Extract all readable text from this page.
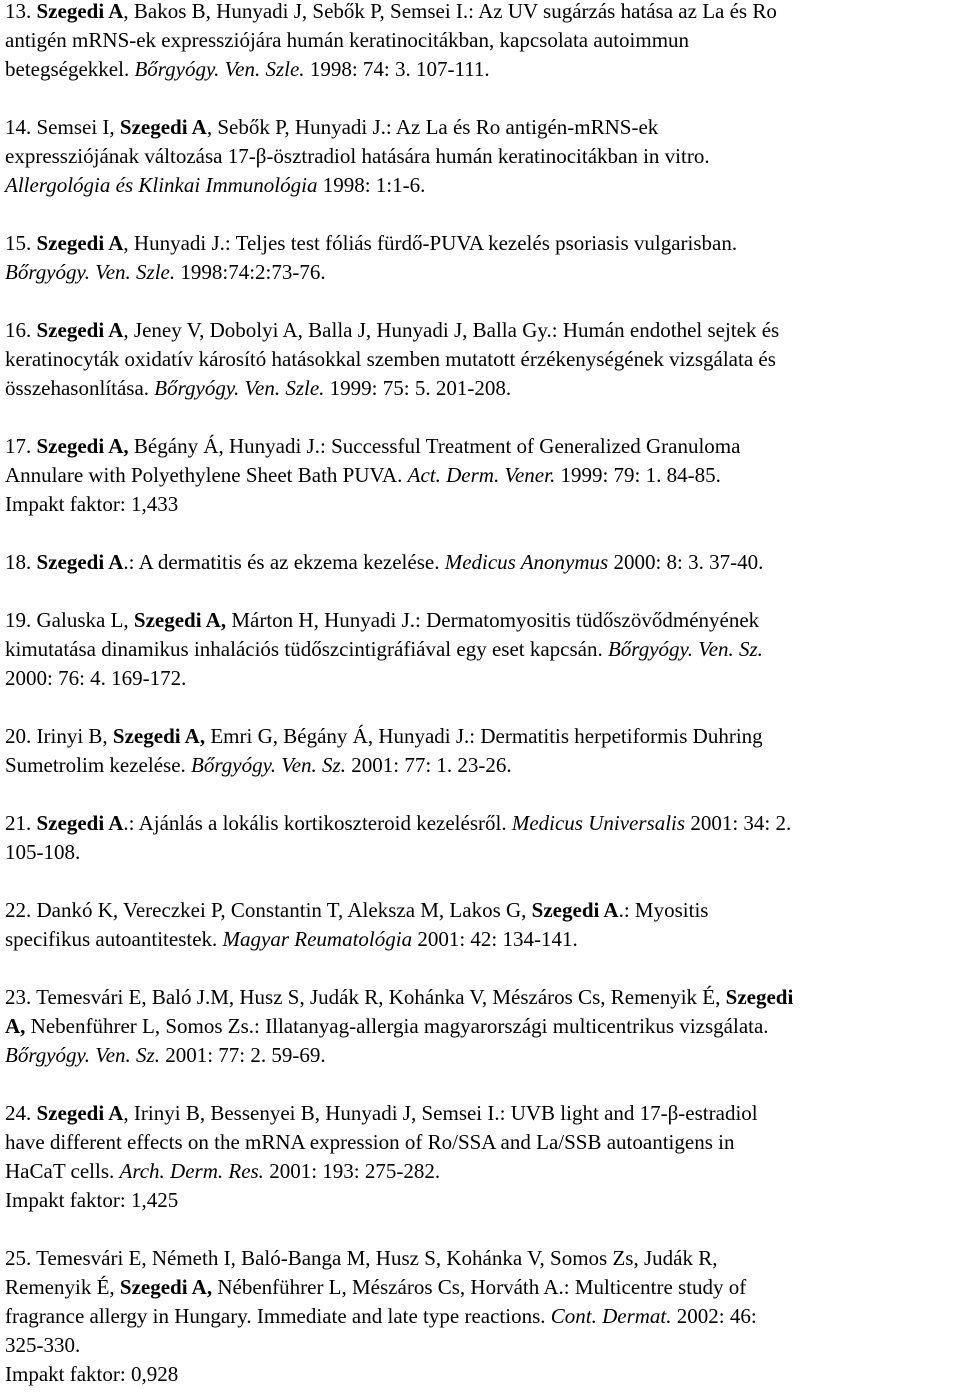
13. Szegedi A, Bakos B, Hunyadi J, Sebők P, Semsei I.: Az UV sugárzás hatása az La és Ro
antigén mRNS-ek expressziójára humán keratinocitákban, kapcsolata autoimmun
betegségekkel. Bőrgyógy. Ven. Szle. 1998: 74: 3. 107-111.
14. Semsei I, Szegedi A, Sebők P, Hunyadi J.: Az La és Ro antigén-mRNS-ek
expressziójának változása 17-β-ösztradiol hatására humán keratinocitákban in vitro.
Allergológia és Klinkai Immunológia 1998: 1:1-6.
15. Szegedi A, Hunyadi J.: Teljes test fóliás fürdő-PUVA kezelés psoriasis vulgarisban.
Bőrgyógy. Ven. Szle. 1998:74:2:73-76.
16. Szegedi A, Jeney V, Dobolyi A, Balla J, Hunyadi J, Balla Gy.: Humán endothel sejtek és
keratinocyták oxidatív károsító hatásokkal szemben mutatott érzékenységének vizsgálata és
összehasonlítása. Bőrgyógy. Ven. Szle. 1999: 75: 5. 201-208.
17. Szegedi A, Bégány Á, Hunyadi J.: Successful Treatment of Generalized Granuloma
Annulare with Polyethylene Sheet Bath PUVA. Act. Derm. Vener. 1999: 79: 1. 84-85.
Impakt faktor: 1,433
18. Szegedi A.: A dermatitis és az ekzema kezelése. Medicus Anonymus 2000: 8: 3. 37-40.
19. Galuska L, Szegedi A, Márton H, Hunyadi J.: Dermatomyositis tüdőszövődményének
kimutatása dinamikus inhalációs tüdőszcintigráfiával egy eset kapcsán. Bőrgyógy. Ven. Sz.
2000: 76: 4. 169-172.
20. Irinyi B, Szegedi A, Emri G, Bégány Á, Hunyadi J.: Dermatitis herpetiformis Duhring
Sumetrolim kezelése. Bőrgyógy. Ven. Sz. 2001: 77: 1. 23-26.
21. Szegedi A.: Ajánlás a lokális kortikoszteroid kezelésről. Medicus Universalis 2001: 34: 2.
105-108.
22. Dankó K, Vereczkei P, Constantin T, Aleksza M, Lakos G, Szegedi A.: Myositis
specifikus autoantitestek. Magyar Reumatológia 2001: 42: 134-141.
23. Temesvári E, Baló J.M, Husz S, Judák R, Kohánka V, Mészáros Cs, Remenyik É, Szegedi
A, Nebenführer L, Somos Zs.: Illatanyag-allergia magyarországi multicentrikus vizsgálata.
Bőrgyógy. Ven. Sz. 2001: 77: 2. 59-69.
24. Szegedi A, Irinyi B, Bessenyei B, Hunyadi J, Semsei I.: UVB light and 17-β-estradiol
have different effects on the mRNA expression of Ro/SSA and La/SSB autoantigens in
HaCaT cells. Arch. Derm. Res. 2001: 193: 275-282.
Impakt faktor: 1,425
25. Temesvári E, Németh I, Baló-Banga M, Husz S, Kohánka V, Somos Zs, Judák R,
Remenyik É, Szegedi A, Nébenführer L, Mészáros Cs, Horváth A.: Multicentre study of
fragrance allergy in Hungary. Immediate and late type reactions. Cont. Dermat. 2002: 46:
325-330.
Impakt faktor: 0,928
